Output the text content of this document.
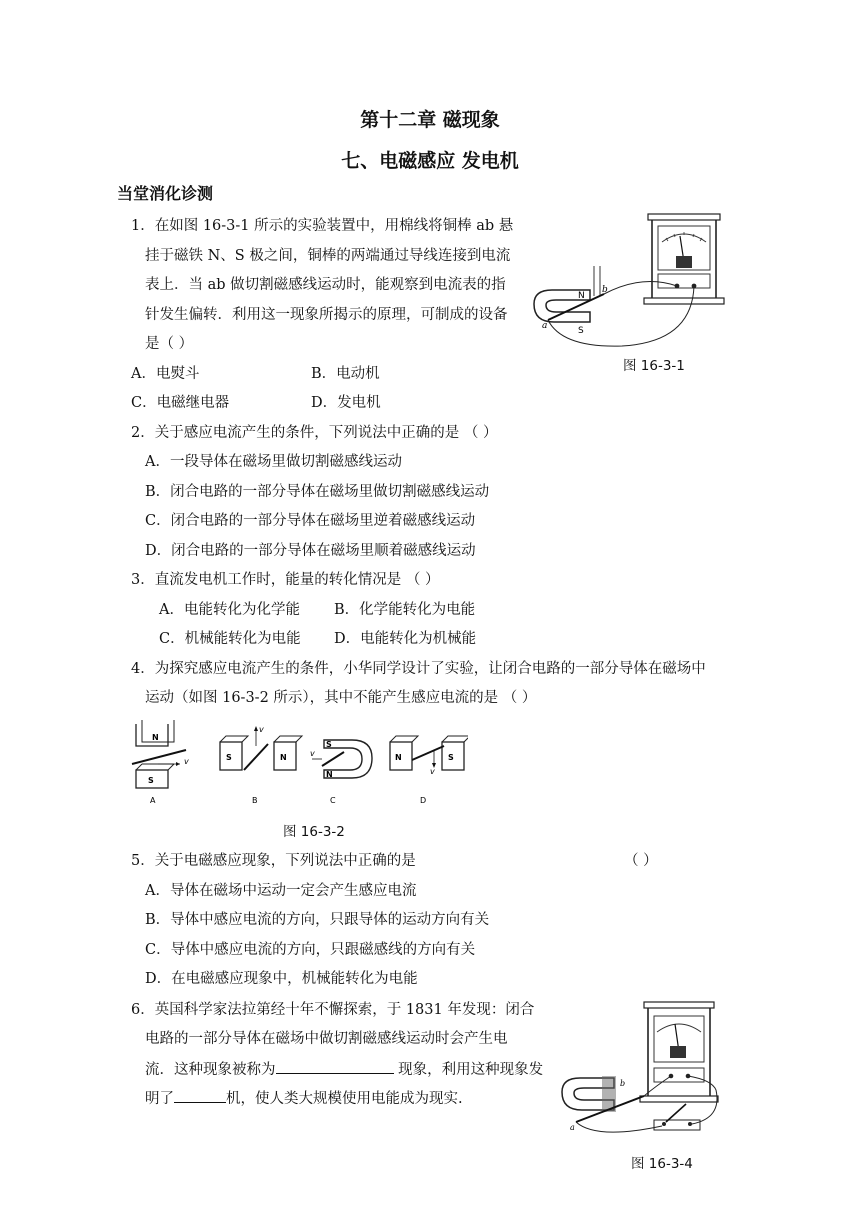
第十二章 磁现象
七、电磁感应 发电机
当堂消化诊测
1．在如图 16-3-1 所示的实验装置中，用棉线将铜棒 ab 悬
挂于磁铁 N、S 极之间，铜棒的两端通过导线连接到电流
表上．当 ab 做切割磁感线运动时，能观察到电流表的指
针发生偏转．利用这一现象所揭示的原理，可制成的设备
是（ ）
A．电熨斗	B．电动机
C．电磁继电器	D．发电机
N
S
a
b
图 16-3-1
2．关于感应电流产生的条件，下列说法中正确的是 （ ）
A．一段导体在磁场里做切割磁感线运动
B．闭合电路的一部分导体在磁场里做切割磁感线运动
C．闭合电路的一部分导体在磁场里逆着磁感线运动
D．闭合电路的一部分导体在磁场里顺着磁感线运动
3．直流发电机工作时，能量的转化情况是 （ ）
A．电能转化为化学能 B．化学能转化为电能
C．机械能转化为电能 D．电能转化为机械能
4．为探究感应电流产生的条件，小华同学设计了实验，让闭合电路的一部分导体在磁场中
运动（如图 16-3-2 所示），其中不能产生感应电流的是 （ ）
N
S
v
A
S	N
v
B
S
N
v
C
N	S
v
D
图 16-3-2
5．关于电磁感应现象，下列说法中正确的是	（ ）
A．导体在磁场中运动一定会产生感应电流
B．导体中感应电流的方向，只跟导体的运动方向有关
C．导体中感应电流的方向，只跟磁感线的方向有关
D．在电磁感应现象中，机械能转化为电能
6．英国科学家法拉第经十年不懈探索，于 1831 年发现：闭合
电路的一部分导体在磁场中做切割磁感线运动时会产生电
流．这种现象被称为	现象，利用这种现象发
明了	机，使人类大规模使用电能成为现实.
a
b
图 16-3-4
